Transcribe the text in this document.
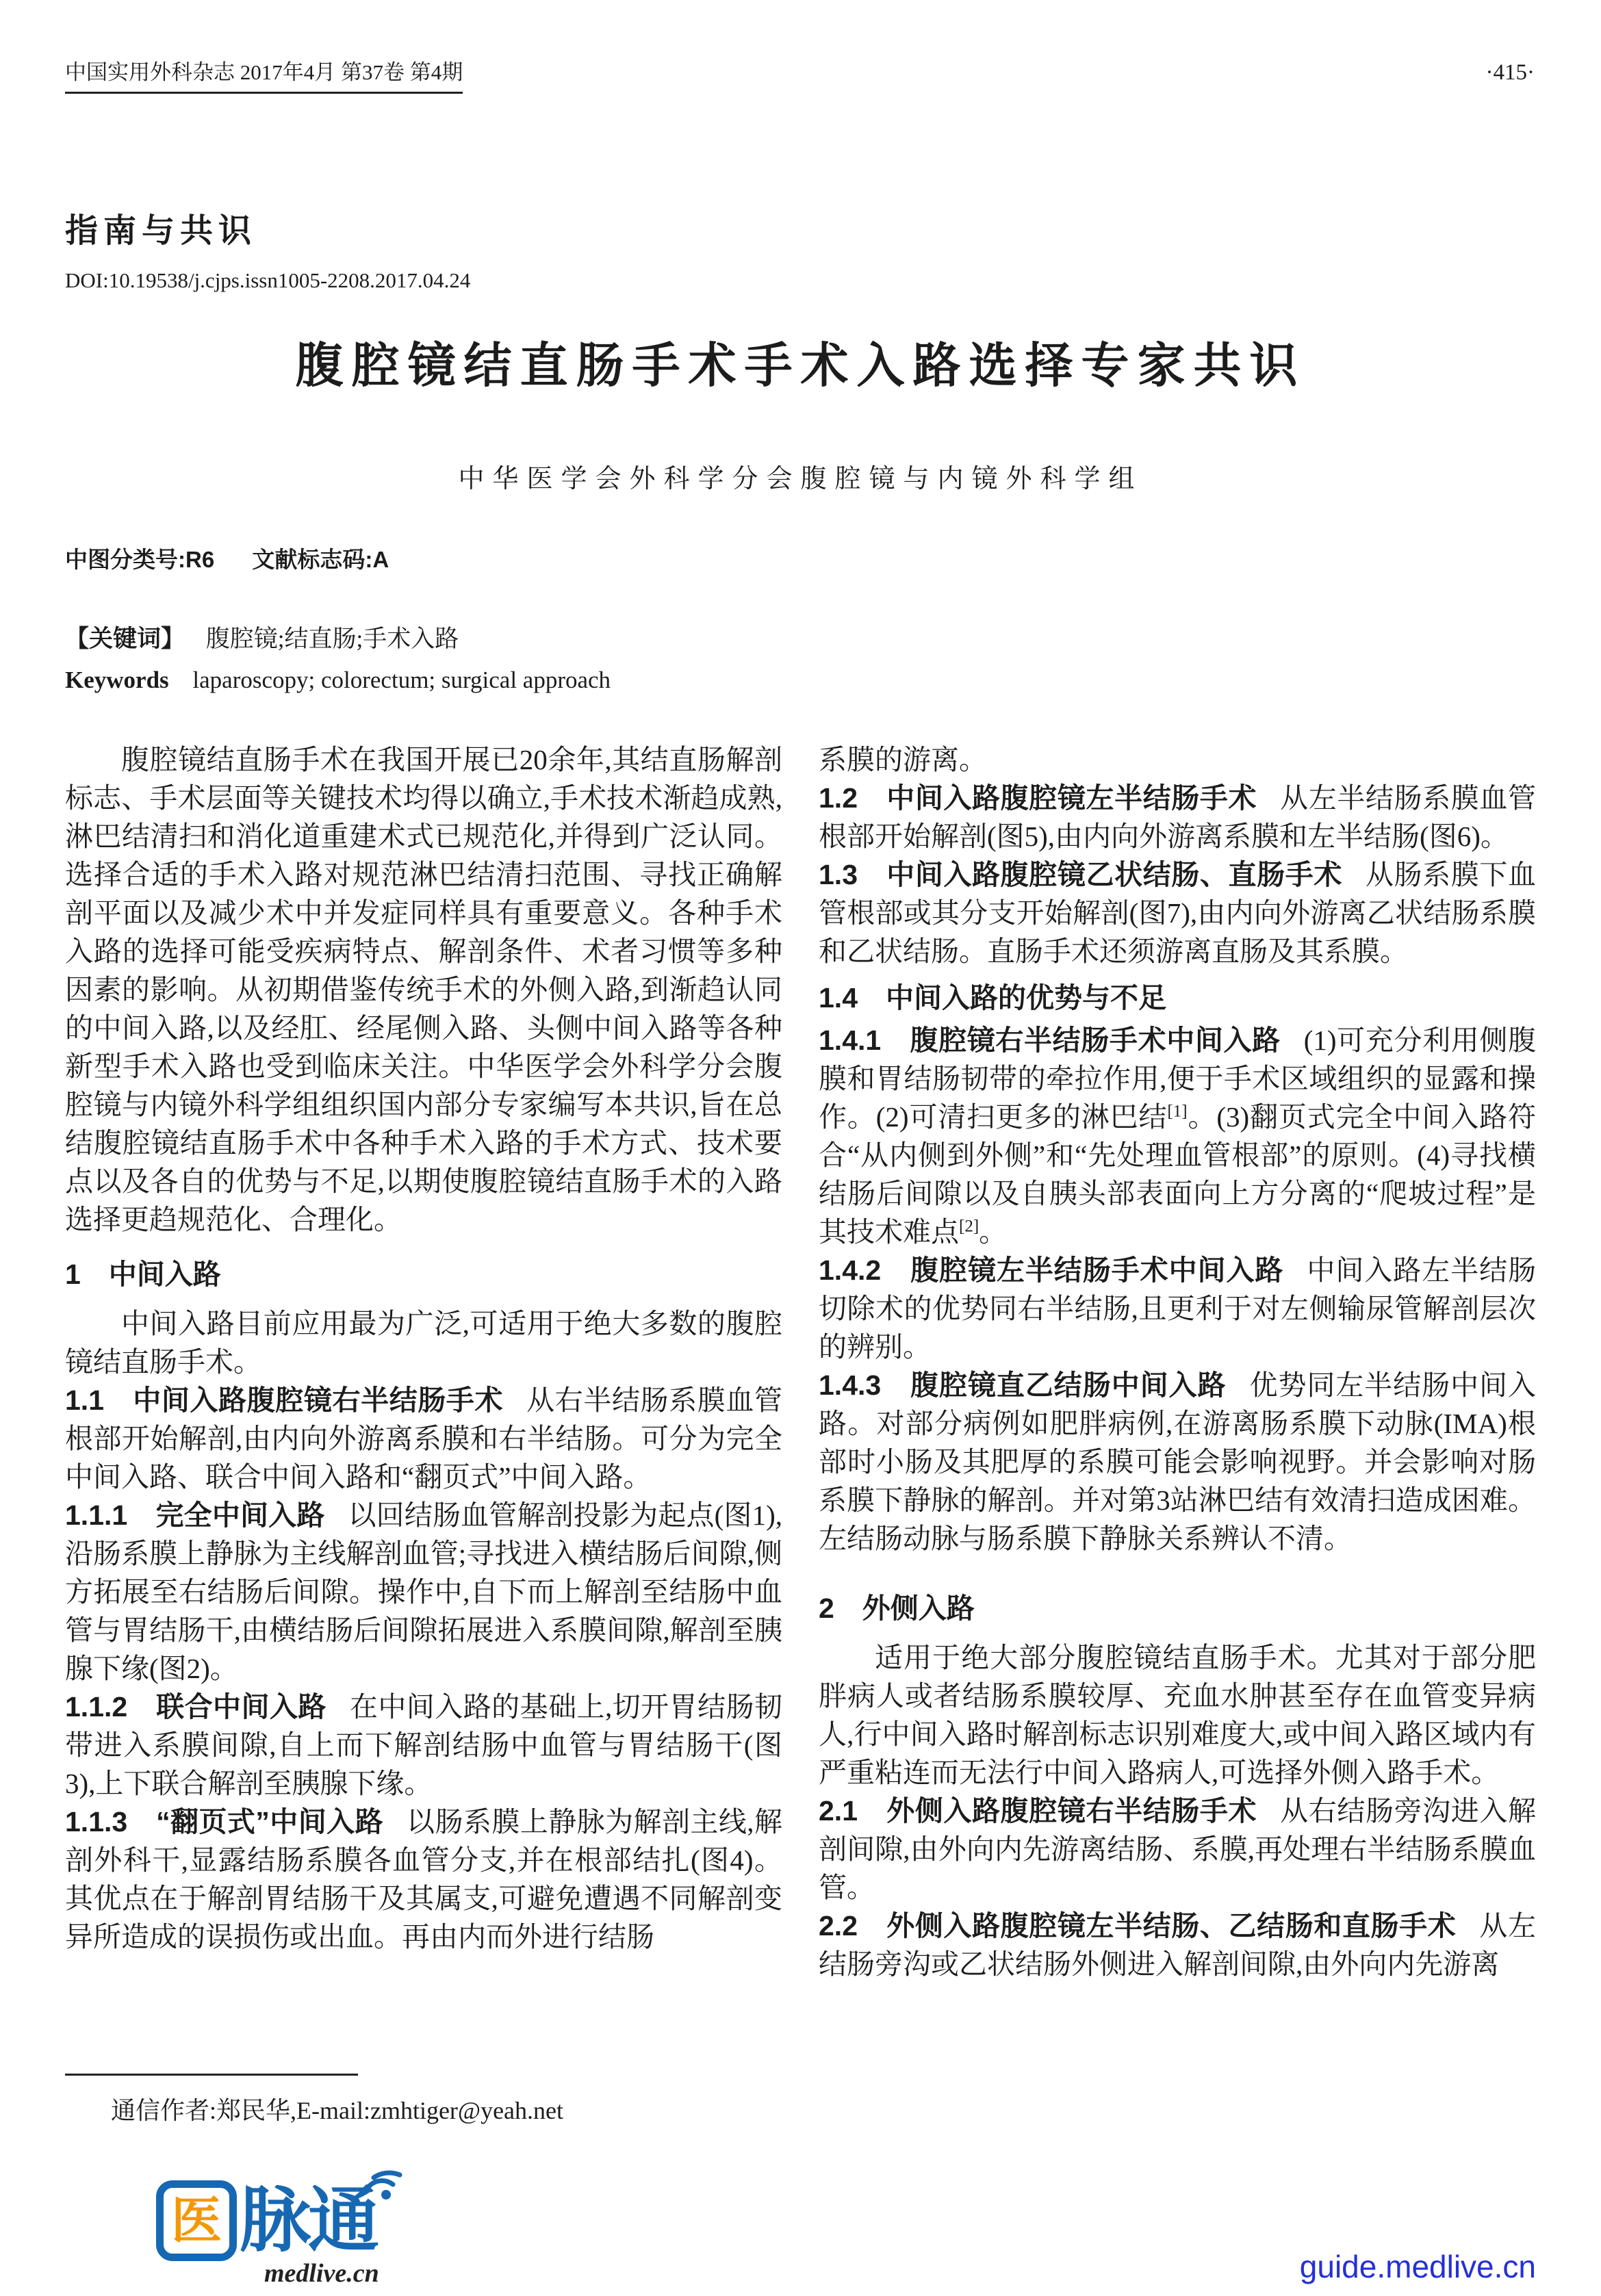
中国实用外科杂志 2017年4月 第37卷 第4期	·415·
指南与共识
DOI:10.19538/j.cjps.issn1005-2208.2017.04.24
腹腔镜结直肠手术手术入路选择专家共识
中华医学会外科学分会腹腔镜与内镜外科学组
中图分类号:R6 文献标志码:A
【关键词】 腹腔镜;结直肠;手术入路
Keywords laparoscopy; colorectum; surgical approach

腹腔镜结直肠手术在我国开展已20余年,其结直肠解剖标志、手术层面等关键技术均得以确立,手术技术渐趋成熟,淋巴结清扫和消化道重建术式已规范化,并得到广泛认同。选择合适的手术入路对规范淋巴结清扫范围、寻找正确解剖平面以及减少术中并发症同样具有重要意义。各种手术入路的选择可能受疾病特点、解剖条件、术者习惯等多种因素的影响。从初期借鉴传统手术的外侧入路,到渐趋认同的中间入路,以及经肛、经尾侧入路、头侧中间入路等各种新型手术入路也受到临床关注。中华医学会外科学分会腹腔镜与内镜外科学组组织国内部分专家编写本共识,旨在总结腹腔镜结直肠手术中各种手术入路的手术方式、技术要点以及各自的优势与不足,以期使腹腔镜结直肠手术的入路选择更趋规范化、合理化。

1　中间入路

中间入路目前应用最为广泛,可适用于绝大多数的腹腔镜结直肠手术。

1.1　中间入路腹腔镜右半结肠手术 从右半结肠系膜血管根部开始解剖,由内向外游离系膜和右半结肠。可分为完全中间入路、联合中间入路和“翻页式”中间入路。

1.1.1　完全中间入路 以回结肠血管解剖投影为起点(图1),沿肠系膜上静脉为主线解剖血管;寻找进入横结肠后间隙,侧方拓展至右结肠后间隙。操作中,自下而上解剖至结肠中血管与胃结肠干,由横结肠后间隙拓展进入系膜间隙,解剖至胰腺下缘(图2)。

1.1.2　联合中间入路 在中间入路的基础上,切开胃结肠韧带进入系膜间隙,自上而下解剖结肠中血管与胃结肠干(图3),上下联合解剖至胰腺下缘。

1.1.3　“翻页式”中间入路 以肠系膜上静脉为解剖主线,解剖外科干,显露结肠系膜各血管分支,并在根部结扎(图4)。其优点在于解剖胃结肠干及其属支,可避免遭遇不同解剖变异所造成的误损伤或出血。再由内而外进行结肠

系膜的游离。

1.2　中间入路腹腔镜左半结肠手术 从左半结肠系膜血管根部开始解剖(图5),由内向外游离系膜和左半结肠(图6)。

1.3　中间入路腹腔镜乙状结肠、直肠手术 从肠系膜下血管根部或其分支开始解剖(图7),由内向外游离乙状结肠系膜和乙状结肠。直肠手术还须游离直肠及其系膜。

1.4　中间入路的优势与不足

1.4.1　腹腔镜右半结肠手术中间入路 (1)可充分利用侧腹膜和胃结肠韧带的牵拉作用,便于手术区域组织的显露和操作。(2)可清扫更多的淋巴结[1]。(3)翻页式完全中间入路符合“从内侧到外侧”和“先处理血管根部”的原则。(4)寻找横结肠后间隙以及自胰头部表面向上方分离的“爬坡过程”是其技术难点[2]。

1.4.2　腹腔镜左半结肠手术中间入路 中间入路左半结肠切除术的优势同右半结肠,且更利于对左侧输尿管解剖层次的辨别。

1.4.3　腹腔镜直乙结肠中间入路 优势同左半结肠中间入路。对部分病例如肥胖病例,在游离肠系膜下动脉(IMA)根部时小肠及其肥厚的系膜可能会影响视野。并会影响对肠系膜下静脉的解剖。并对第3站淋巴结有效清扫造成困难。左结肠动脉与肠系膜下静脉关系辨认不清。

2　外侧入路

适用于绝大部分腹腔镜结直肠手术。尤其对于部分肥胖病人或者结肠系膜较厚、充血水肿甚至存在血管变异病人,行中间入路时解剖标志识别难度大,或中间入路区域内有严重粘连而无法行中间入路病人,可选择外侧入路手术。

2.1　外侧入路腹腔镜右半结肠手术 从右结肠旁沟进入解剖间隙,由外向内先游离结肠、系膜,再处理右半结肠系膜血管。

2.2　外侧入路腹腔镜左半结肠、乙结肠和直肠手术 从左结肠旁沟或乙状结肠外侧进入解剖间隙,由外向内先游离

通信作者:郑民华,E-mail:zmhtiger@yeah.net
医 脉通
medlive.cn	guide.medlive.cn
